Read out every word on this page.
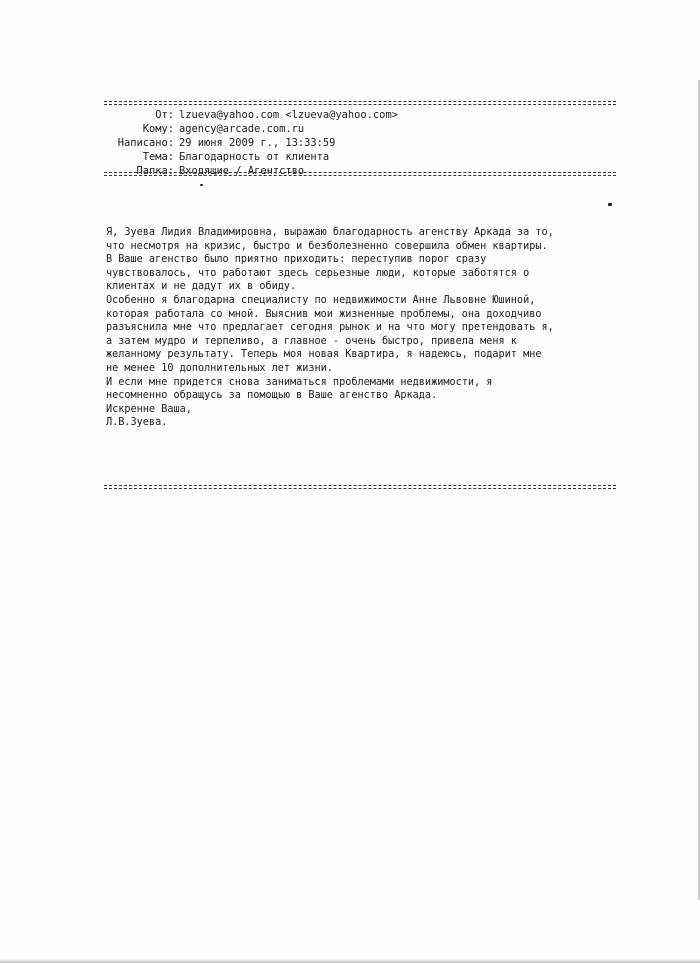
От: lzueva@yahoo.com <lzueva@yahoo.com>
Кому: agency@arcade.com.ru
Написано: 29 июня 2009 г., 13:33:59
Тема: Благодарность от клиента
Папка: Входящие / Агентство
Я, Зуева Лидия Владимировна, выражаю благодарность агенству Аркада за то,
что несмотря на кризис, быстро и безболезненно совершила обмен квартиры.
В Ваше агенство было приятно приходить: переступив порог сразу
чувствовалось, что работают здесь серьезные люди, которые заботятся о
клиентах и не дадут их в обиду.
Особенно я благодарна специалисту по недвижимости Анне Львовне Юшиной,
которая работала со мной. Выяснив мои жизненные проблемы, она доходчиво
разъяснила мне что предлагает сегодня рынок и на что могу претендовать я,
а затем мудро и терпеливо, а главное - очень быстро, привела меня к
желанному результату. Теперь моя новая Квартира, я надеюсь, подарит мне
не менее 10 дополнительных лет жизни.
И если мне придется снова заниматься проблемами недвижимости, я
несомненно обращусь за помощью в Ваше агенство Аркада.
Искренне Ваша,
Л.В.Зуева.
